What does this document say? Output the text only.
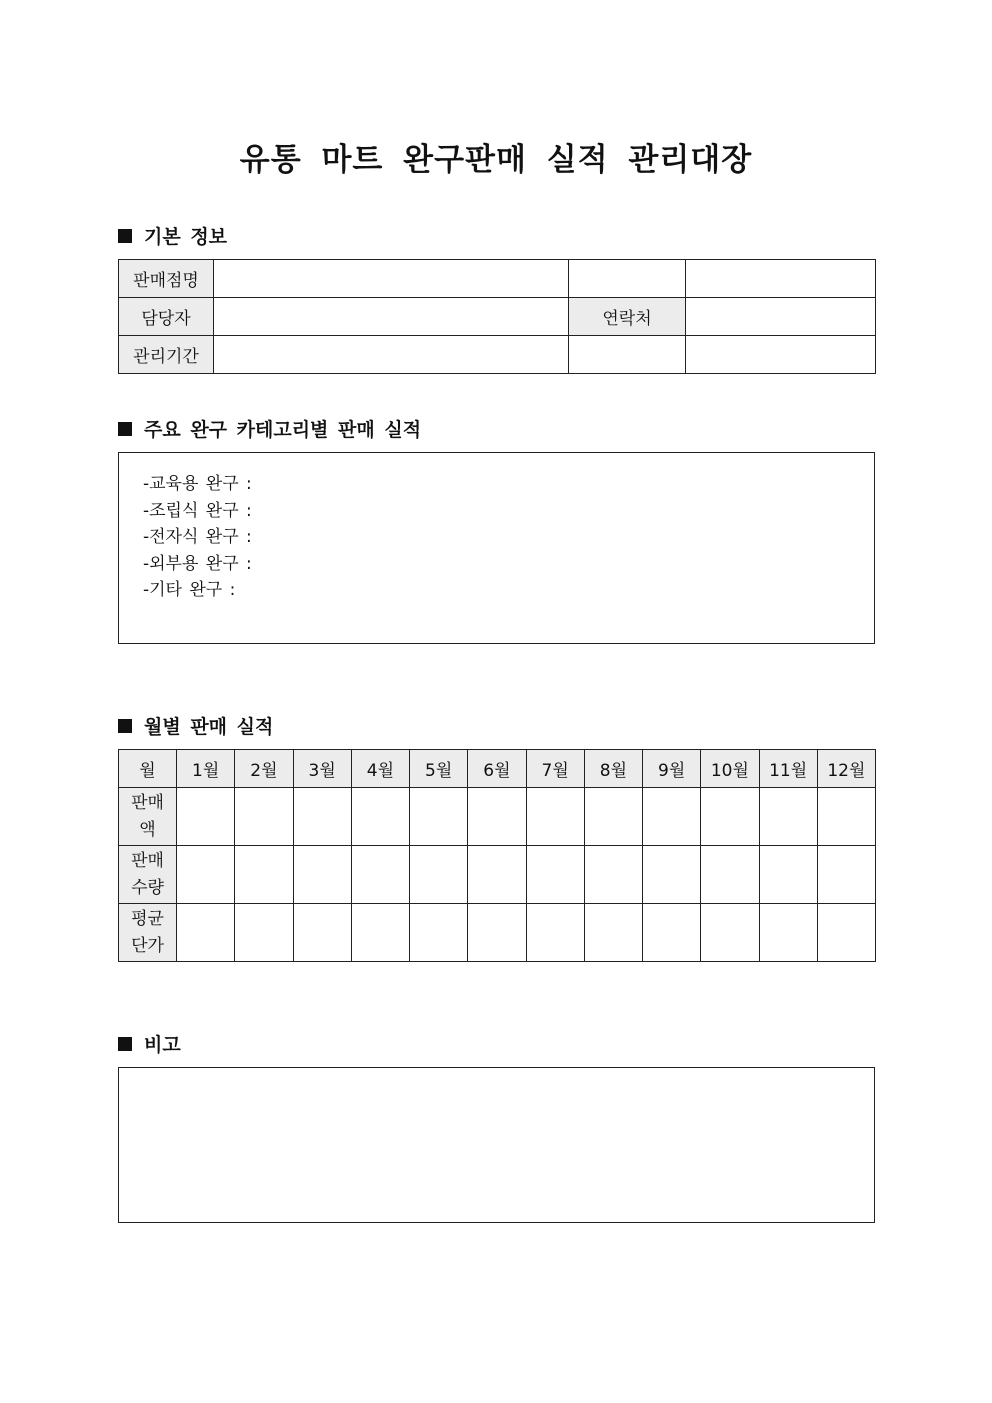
유통 마트 완구판매 실적 관리대장
기본 정보
판매점명			
담당자		연락처	
관리기간			
주요 완구 카테고리별 판매 실적
-교육용 완구 :
-조립식 완구 :
-전자식 완구 :
-외부용 완구 :
-기타 완구 :
월별 판매 실적
월	1월	2월	3월	4월	5월	6월	7월	8월	9월	10월	11월	12월
판매
액												
판매
수량												
평균
단가												
비고
